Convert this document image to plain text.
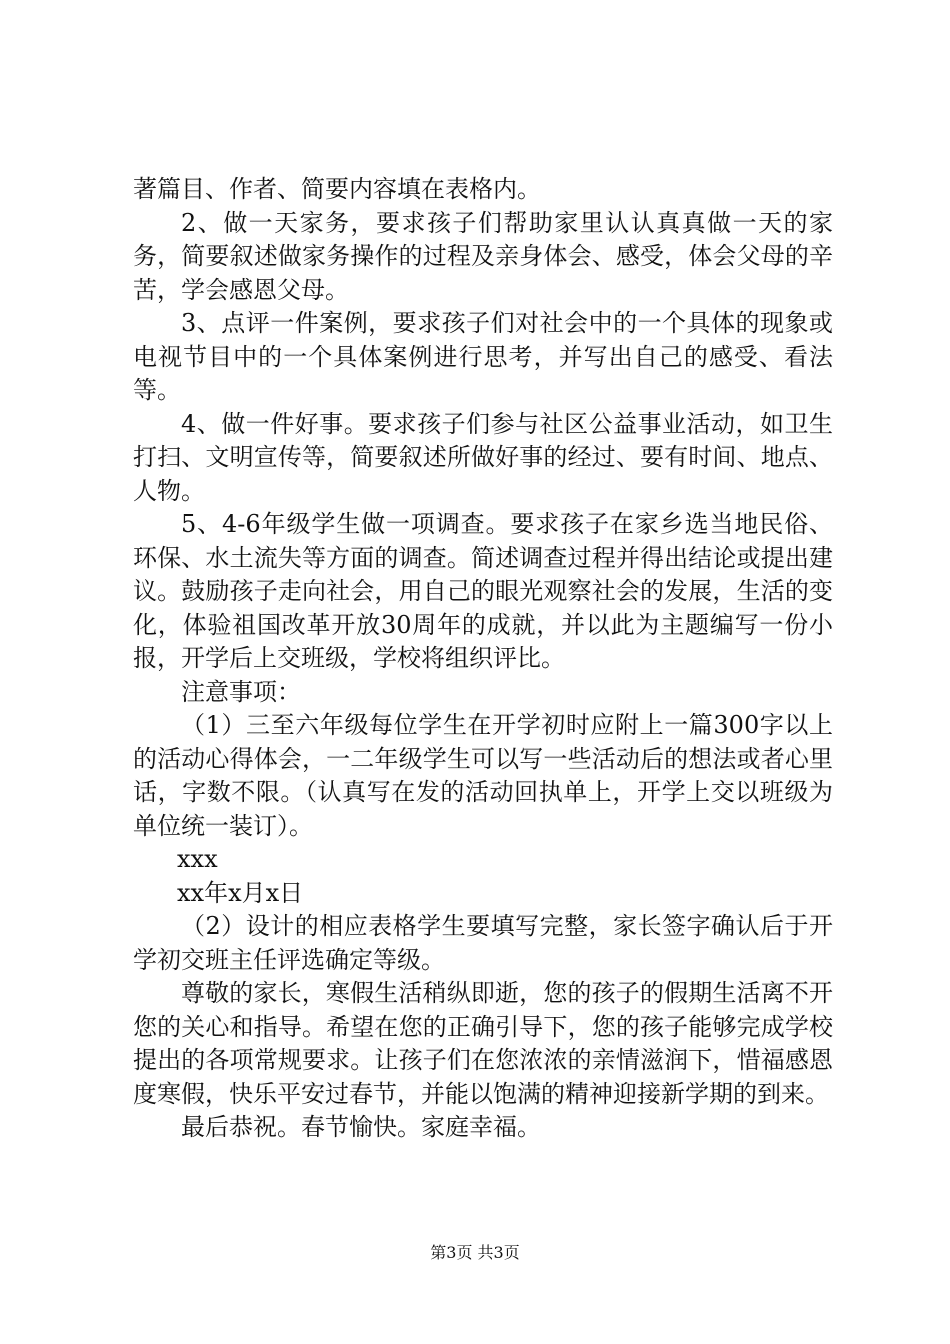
著篇目、作者、简要内容填在表格内。

2、做一天家务，要求孩子们帮助家里认认真真做一天的家务，简要叙述做家务操作的过程及亲身体会、感受，体会父母的辛苦，学会感恩父母。

3、点评一件案例，要求孩子们对社会中的一个具体的现象或电视节目中的一个具体案例进行思考，并写出自己的感受、看法等。

4、做一件好事。要求孩子们参与社区公益事业活动，如卫生打扫、文明宣传等，简要叙述所做好事的经过、要有时间、地点、人物。

5、4-6年级学生做一项调查。要求孩子在家乡选当地民俗、环保、水土流失等方面的调查。简述调查过程并得出结论或提出建议。鼓励孩子走向社会，用自己的眼光观察社会的发展，生活的变化，体验祖国改革开放30周年的成就，并以此为主题编写一份小报，开学后上交班级，学校将组织评比。

注意事项：

（1）三至六年级每位学生在开学初时应附上一篇300字以上的活动心得体会，一二年级学生可以写一些活动后的想法或者心里话，字数不限。（认真写在发的活动回执单上，开学上交以班级为单位统一装订）。

xxx

xx年x月x日

（2）设计的相应表格学生要填写完整，家长签字确认后于开学初交班主任评选确定等级。

尊敬的家长，寒假生活稍纵即逝，您的孩子的假期生活离不开您的关心和指导。希望在您的正确引导下，您的孩子能够完成学校提出的各项常规要求。让孩子们在您浓浓的亲情滋润下，惜福感恩度寒假，快乐平安过春节，并能以饱满的精神迎接新学期的到来。

最后恭祝。春节愉快。家庭幸福。

第3页 共3页
